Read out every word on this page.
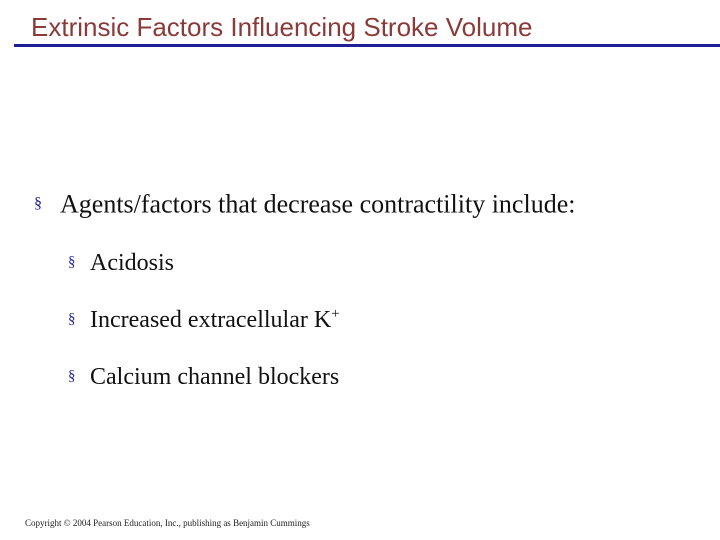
Extrinsic Factors Influencing Stroke Volume
§ Agents/factors that decrease contractility include:
§ Acidosis
§ Increased extracellular K+
§ Calcium channel blockers
Copyright © 2004 Pearson Education, Inc., publishing as Benjamin Cummings
